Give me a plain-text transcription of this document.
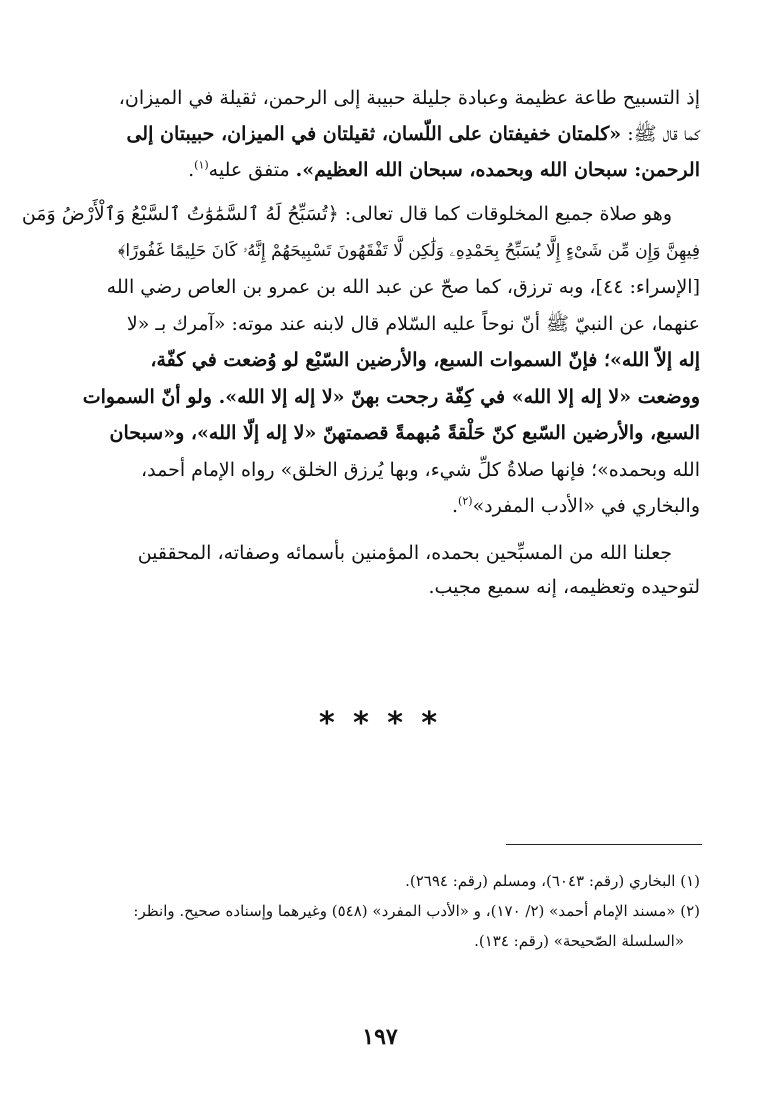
إذ التسبيح طاعة عظيمة وعبادة جليلة حبيبة إلى الرحمن، ثقيلة في الميزان،
كما قال ﷺ: «كلمتان خفيفتان على اللّسان، ثقيلتان في الميزان، حبيبتان إلى
الرحمن: سبحان الله وبحمده، سبحان الله العظيم». متفق عليه$^{(١)}$.
وهو صلاة جميع المخلوقات كما قال تعالى: ﴿تُسَبِّحُ لَهُ ٱلسَّمَٰوَٰتُ ٱلسَّبْعُ وَٱلْأَرْضُ وَمَن
فِيهِنَّ وَإِن مِّن شَىْءٍ إِلَّا يُسَبِّحُ بِحَمْدِهِۦ وَلَٰكِن لَّا تَفْقَهُونَ تَسْبِيحَهُمْ إِنَّهُۥ كَانَ حَلِيمًا غَفُورًا﴾
[الإسراء: ٤٤]، وبه ترزق، كما صحّ عن عبد الله بن عمرو بن العاص رضي الله
عنهما، عن النبيّ ﷺ أنّ نوحاً عليه السّلام قال لابنه عند موته: «آمرك بـ «لا
إله إلاّ الله»؛ فإنّ السموات السبع، والأرضين السّبْع لو وُضعت في كفّة،
ووضعت «لا إله إلا الله» في كِفّة رجحت بهنّ «لا إله إلا الله». ولو أنّ السموات
السبع، والأرضين السّبع كنّ حَلْقةً مُبهمةً قصمتهنّ «لا إله إلّا الله»، و«سبحان
الله وبحمده»؛ فإنها صلاةُ كلِّ شيء، وبها يُرزق الخلق» رواه الإمام أحمد،
والبخاري في «الأدب المفرد»$^{(٢)}$.
جعلنا الله من المسبِّحين بحمده، المؤمنين بأسمائه وصفاته، المحققين
لتوحيده وتعظيمه، إنه سميع مجيب.
* * * *
(١) البخاري (رقم: ٦٠٤٣)، ومسلم (رقم: ٢٦٩٤).
(٢) «مسند الإمام أحمد» (٢/ ١٧٠)، و «الأدب المفرد» (٥٤٨) وغيرهما وإسناده صحيح. وانظر:
«السلسلة الصّحيحة» (رقم: ١٣٤).
١٩٧
